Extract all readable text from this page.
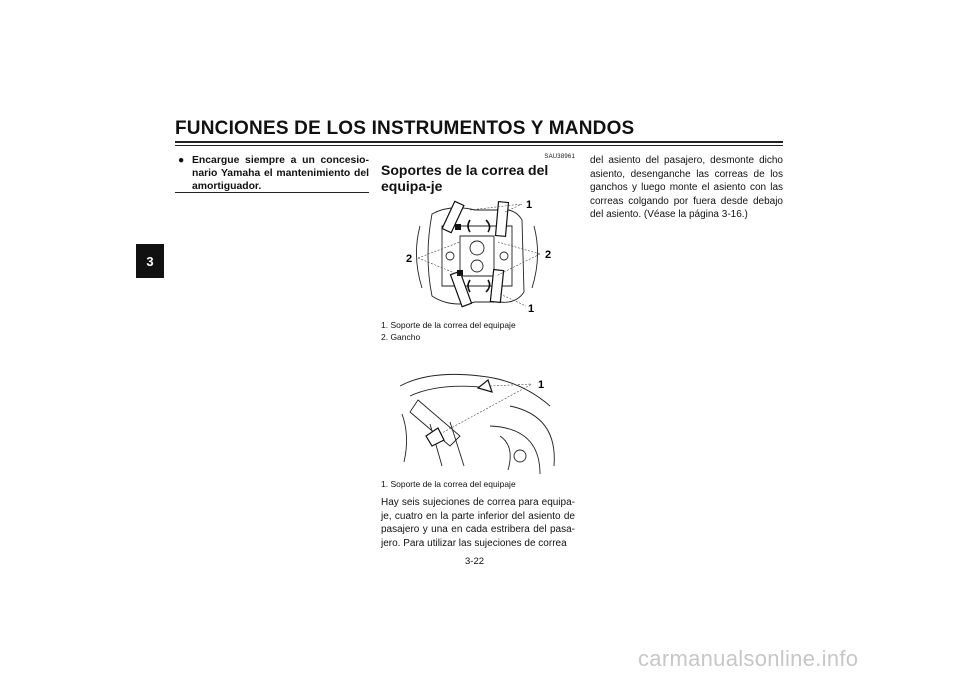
FUNCIONES DE LOS INSTRUMENTOS Y MANDOS
3
● Encargue siempre a un concesio-nario Yamaha el mantenimiento del amortiguador.
SAU38961
Soportes de la correa del equipa-je
1
2	2
1
1. Soporte de la correa del equipaje
2. Gancho
1
1. Soporte de la correa del equipaje
Hay seis sujeciones de correa para equipa-je, cuatro en la parte inferior del asiento de pasajero y una en cada estribera del pasa-jero. Para utilizar las sujeciones de correa
del asiento del pasajero, desmonte dicho asiento, desenganche las correas de los ganchos y luego monte el asiento con las correas colgando por fuera desde debajo del asiento. (Véase la página 3-16.)
3-22
carmanualsonline.info
